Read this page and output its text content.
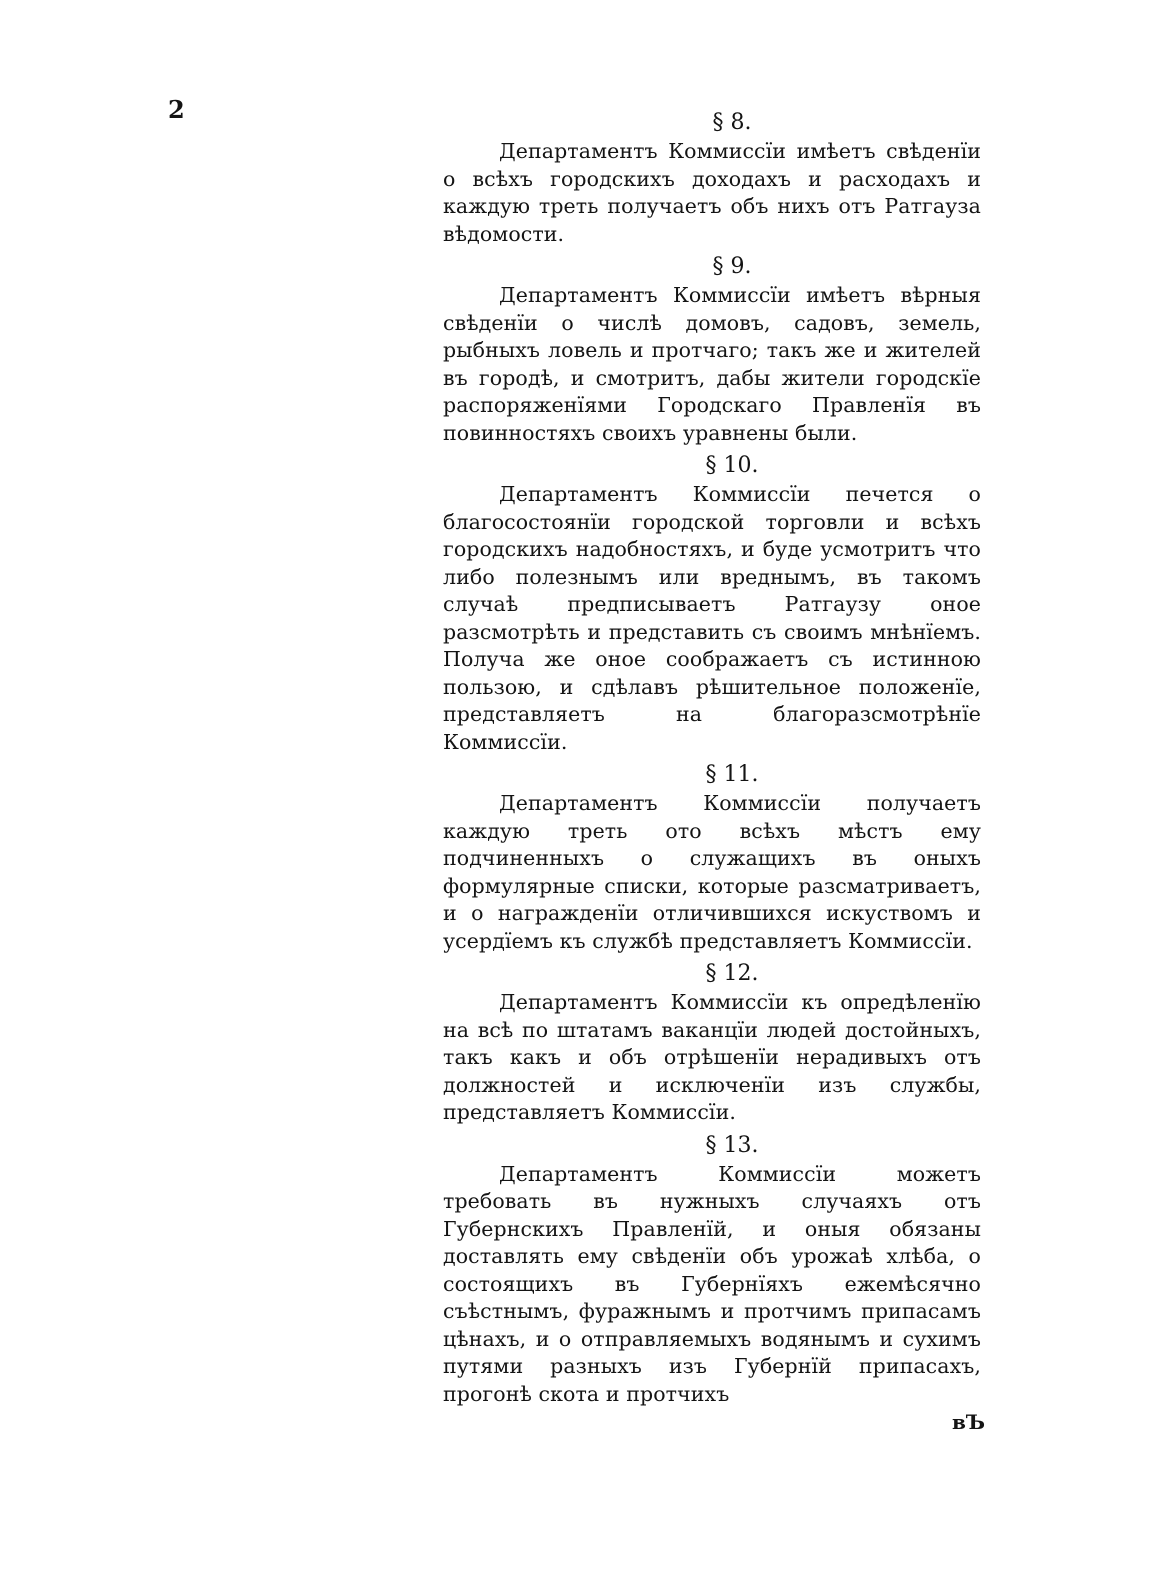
2	§ 8.

Департаментъ Коммиссїи имѣетъ свѣденїи о всѣхъ городскихъ доходахъ и расходахъ и каждую треть получаетъ объ нихъ отъ Ратгауза вѣдомости.

§ 9.

Департаментъ Коммиссїи имѣетъ вѣрныя свѣденїи о числѣ домовъ, садовъ, земель, рыбныхъ ловель и протчаго; такъ же и жителей въ городѣ, и смотритъ, дабы жители городскїе распоряженїями Городскаго Правленїя въ повинностяхъ своихъ уравнены были.

§ 10.

Департаментъ Коммиссїи печется о благосостоянїи городской торговли и всѣхъ городскихъ надобностяхъ, и буде усмотритъ что либо полезнымъ или вреднымъ, въ такомъ случаѣ предписываетъ Ратгаузу оное разсмотрѣть и представить съ своимъ мнѣнїемъ. Получа же оное соображаетъ съ истинною пользою, и сдѣлавъ рѣшительное положенїе, представляетъ на благоразсмотрѣнїе Коммиссїи.

§ 11.

Департаментъ Коммиссїи получаетъ каждую треть ото всѣхъ мѣстъ ему подчиненныхъ о служащихъ въ оныхъ формулярные списки, которые разсматриваетъ, и о награжденїи отличившихся искуствомъ и усердїемъ къ службѣ представляетъ Коммиссїи.

§ 12.

Департаментъ Коммиссїи къ опредѣленїю на всѣ по штатамъ ваканцїи людей достойныхъ, такъ какъ и объ отрѣшенїи нерадивыхъ отъ должностей и исключенїи изъ службы, представляетъ Коммиссїи.

§ 13.

Департаментъ Коммиссїи можетъ требовать въ нужныхъ случаяхъ отъ Губернскихъ Правленїй, и оныя обязаны доставлять ему свѣденїи объ урожаѣ хлѣба, о состоящихъ въ Губернїяхъ ежемѣсячно съѣстнымъ, фуражнымъ и протчимъ припасамъ цѣнахъ, и о отправляемыхъ водянымъ и сухимъ путями разныхъ изъ Губернїй припасахъ, прогонѣ скота и протчихъ

вЪ
